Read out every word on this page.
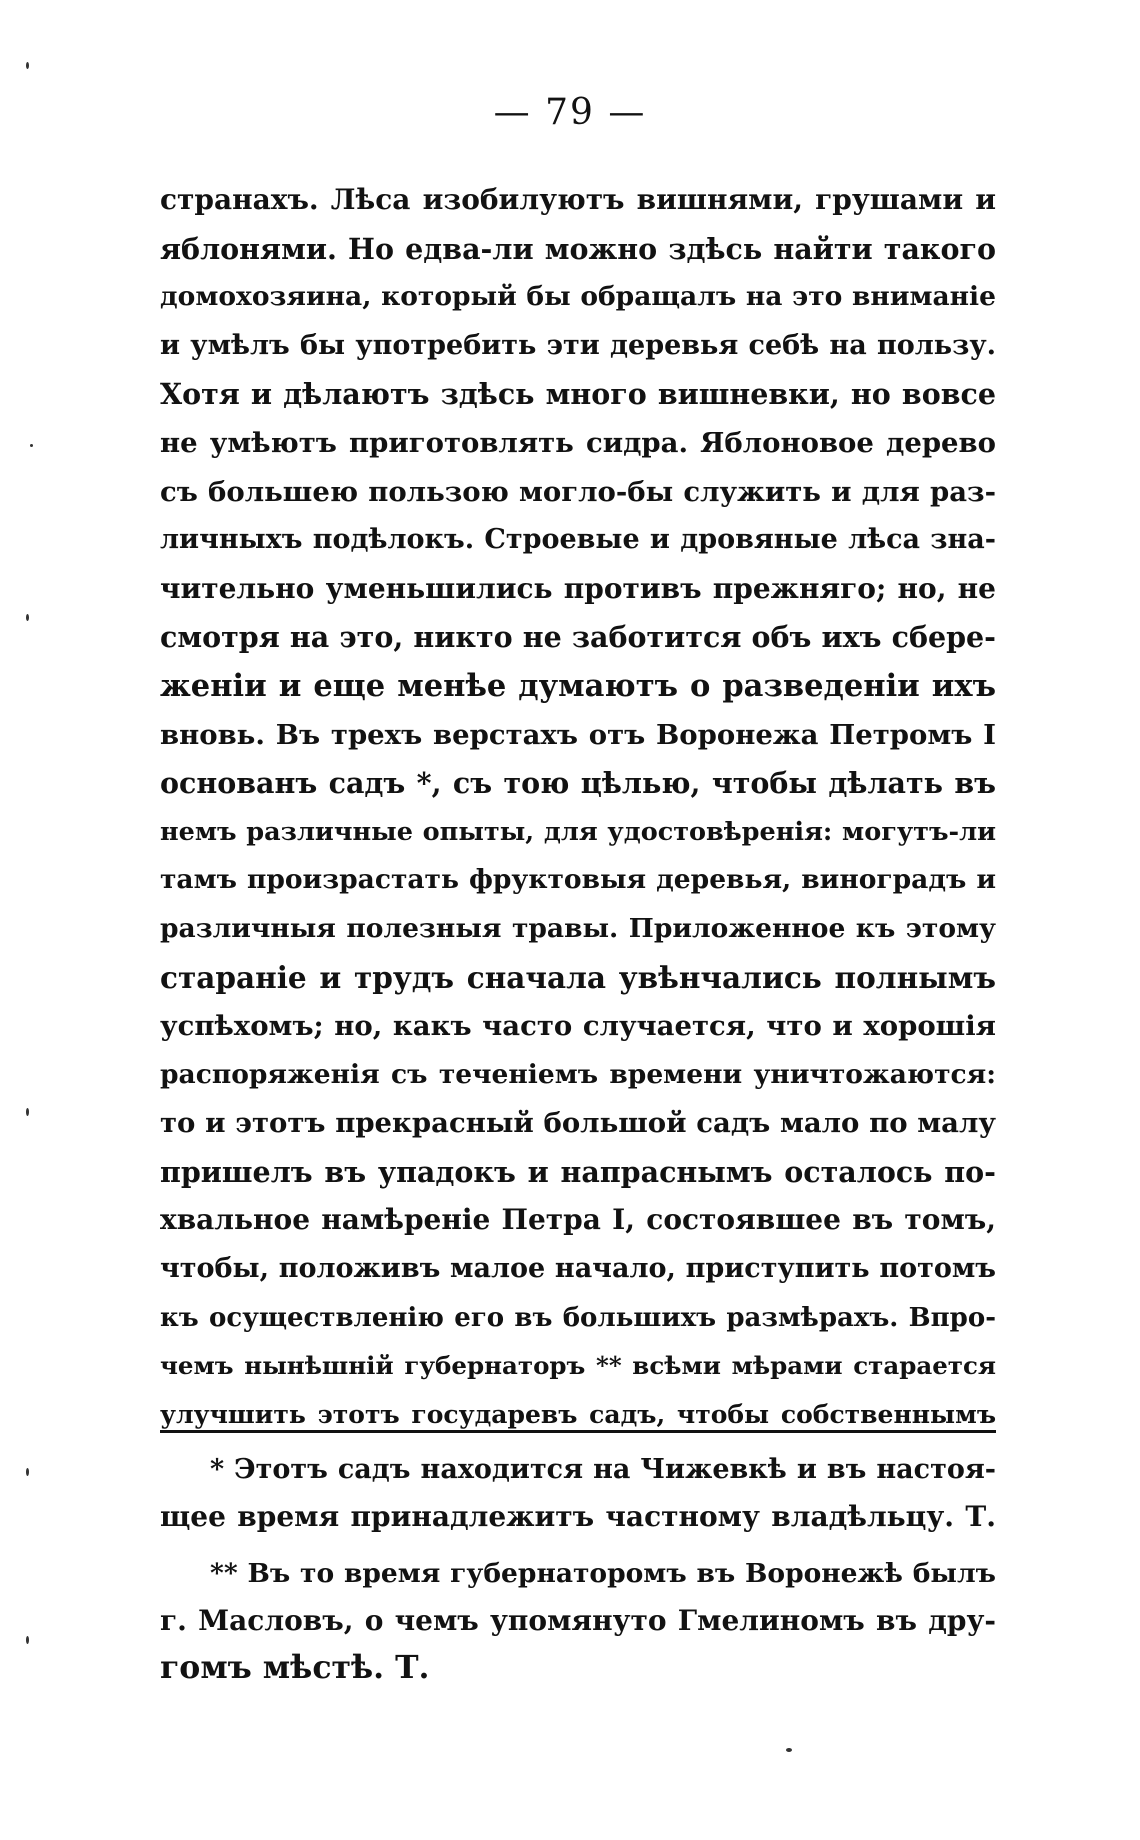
— 79 —
странахъ. Лѣса изобилуютъ вишнями, грушами и
яблонями. Но едва-ли можно здѣсь найти такого
домохозяина, который бы обращалъ на это вниманіе
и умѣлъ бы употребить эти деревья себѣ на пользу.
Хотя и дѣлаютъ здѣсь много вишневки, но вовсе
не умѣютъ приготовлять сидра. Яблоновое дерево
съ большею пользою могло-бы служить и для раз-
личныхъ подѣлокъ. Строевые и дровяные лѣса зна-
чительно уменьшились противъ прежняго; но, не
смотря на это, никто не заботится объ ихъ сбере-
женіи и еще менѣе думаютъ о разведеніи ихъ
вновь. Въ трехъ верстахъ отъ Воронежа Петромъ I
основанъ садъ *, съ тою цѣлью, чтобы дѣлать въ
немъ различные опыты, для удостовѣренія: могутъ-ли
тамъ произрастать фруктовыя деревья, виноградъ и
различныя полезныя травы. Приложенное къ этому
стараніе и трудъ сначала увѣнчались полнымъ
успѣхомъ; но, какъ часто случается, что и хорошія
распоряженія съ теченіемъ времени уничтожаются:
то и этотъ прекрасный большой садъ мало по малу
пришелъ въ упадокъ и напраснымъ осталось по-
хвальное намѣреніе Петра I, состоявшее въ томъ,
чтобы, положивъ малое начало, приступить потомъ
къ осуществленію его въ большихъ размѣрахъ. Впро-
чемъ нынѣшній губернаторъ ** всѣми мѣрами старается
улучшить этотъ государевъ садъ, чтобы собственнымъ
* Этотъ садъ находится на Чижевкѣ и въ настоя-
щее время принадлежитъ частному владѣльцу. Т.
** Въ то время губернаторомъ въ Воронежѣ былъ
г. Масловъ, о чемъ упомянуто Гмелиномъ въ дру-
гомъ мѣстѣ. Т.
